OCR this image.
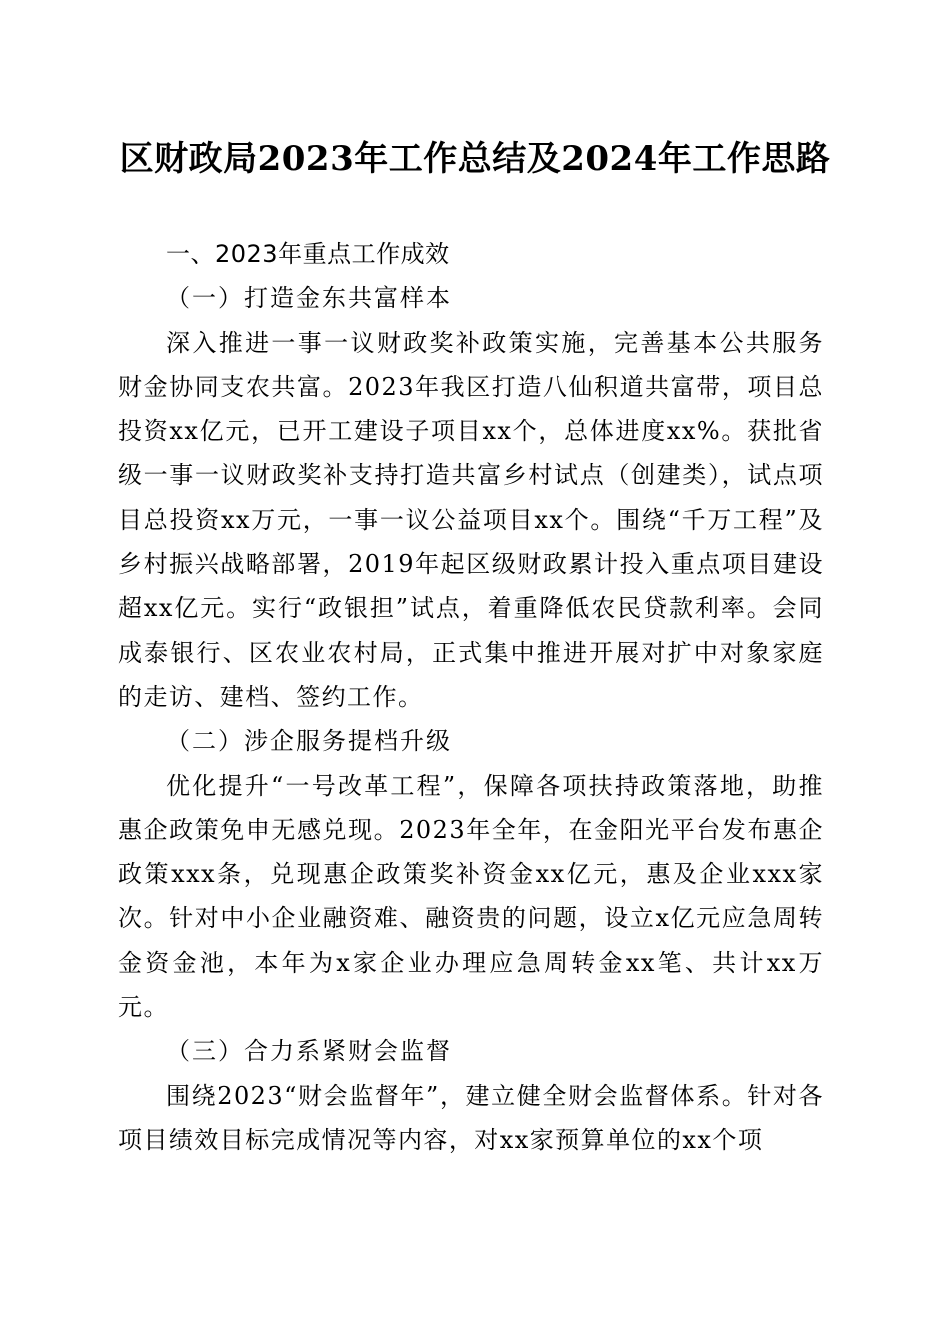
区财政局2023年工作总结及2024年工作思路
一、2023年重点工作成效
（一）打造金东共富样本

深入推进一事一议财政奖补政策实施，完善基本公共服务财金协同支农共富。2023年我区打造八仙积道共富带，项目总投资xx亿元，已开工建设子项目xx个，总体进度xx%。获批省级一事一议财政奖补支持打造共富乡村试点（创建类），试点项目总投资xx万元，一事一议公益项目xx个。围绕“千万工程”及乡村振兴战略部署，2019年起区级财政累计投入重点项目建设超xx亿元。实行“政银担”试点，着重降低农民贷款利率。会同成泰银行、区农业农村局，正式集中推进开展对扩中对象家庭的走访、建档、签约工作。

（二）涉企服务提档升级

优化提升“一号改革工程”，保障各项扶持政策落地，助推惠企政策免申无感兑现。2023年全年，在金阳光平台发布惠企政策xxx条，兑现惠企政策奖补资金xx亿元，惠及企业xxx家次。针对中小企业融资难、融资贵的问题，设立x亿元应急周转金资金池，本年为x家企业办理应急周转金xx笔、共计xx万元。

（三）合力系紧财会监督

围绕2023“财会监督年”，建立健全财会监督体系。针对各项目绩效目标完成情况等内容，对xx家预算单位的xx个项
